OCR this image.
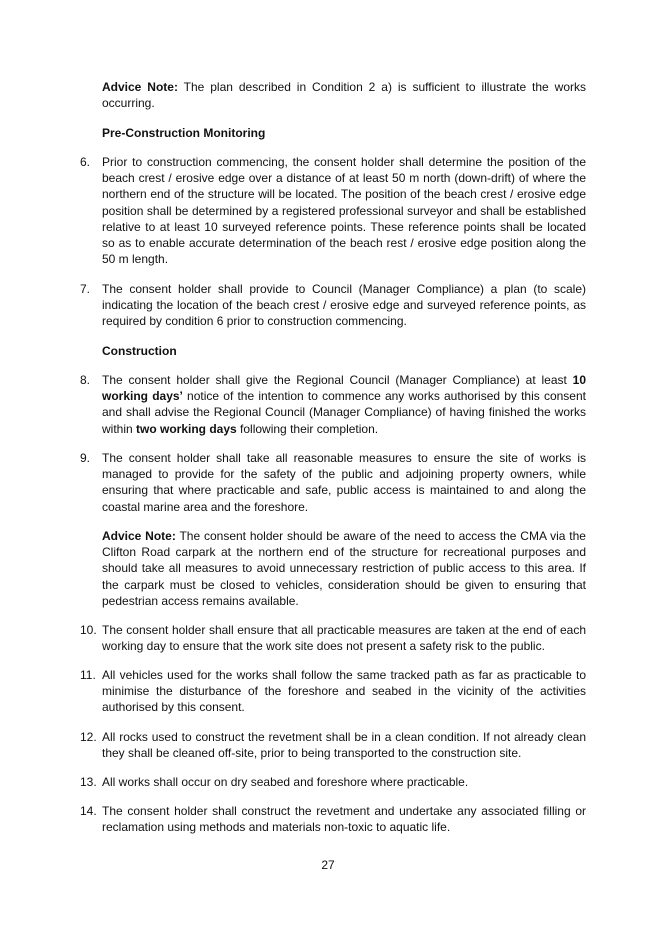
Advice Note: The plan described in Condition 2 a) is sufficient to illustrate the works occurring.

Pre-Construction Monitoring

6. Prior to construction commencing, the consent holder shall determine the position of the beach crest / erosive edge over a distance of at least 50 m north (down-drift) of where the northern end of the structure will be located. The position of the beach crest / erosive edge position shall be determined by a registered professional surveyor and shall be established relative to at least 10 surveyed reference points. These reference points shall be located so as to enable accurate determination of the beach rest / erosive edge position along the 50 m length.
7. The consent holder shall provide to Council (Manager Compliance) a plan (to scale) indicating the location of the beach crest / erosive edge and surveyed reference points, as required by condition 6 prior to construction commencing.

Construction

8. The consent holder shall give the Regional Council (Manager Compliance) at least 10 working days’ notice of the intention to commence any works authorised by this consent and shall advise the Regional Council (Manager Compliance) of having finished the works within two working days following their completion.
9. The consent holder shall take all reasonable measures to ensure the site of works is managed to provide for the safety of the public and adjoining property owners, while ensuring that where practicable and safe, public access is maintained to and along the coastal marine area and the foreshore.

Advice Note: The consent holder should be aware of the need to access the CMA via the Clifton Road carpark at the northern end of the structure for recreational purposes and should take all measures to avoid unnecessary restriction of public access to this area. If the carpark must be closed to vehicles, consideration should be given to ensuring that pedestrian access remains available.

10. The consent holder shall ensure that all practicable measures are taken at the end of each working day to ensure that the work site does not present a safety risk to the public.
11. All vehicles used for the works shall follow the same tracked path as far as practicable to minimise the disturbance of the foreshore and seabed in the vicinity of the activities authorised by this consent.
12. All rocks used to construct the revetment shall be in a clean condition. If not already clean they shall be cleaned off-site, prior to being transported to the construction site.
13. All works shall occur on dry seabed and foreshore where practicable.
14. The consent holder shall construct the revetment and undertake any associated filling or reclamation using methods and materials non-toxic to aquatic life.
27
